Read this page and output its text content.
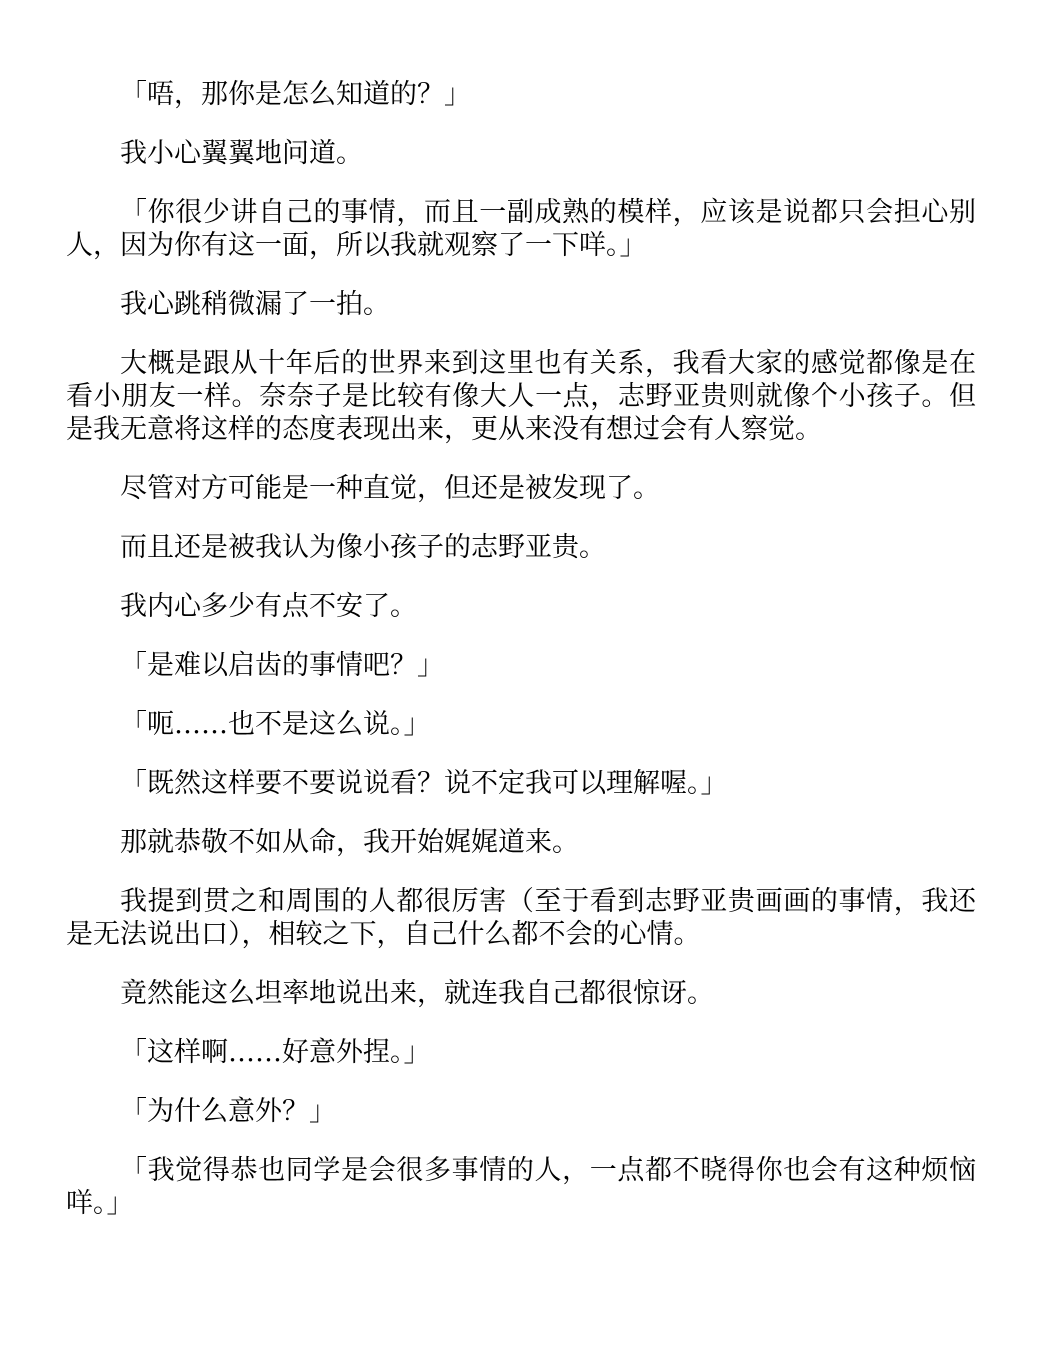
「唔，那你是怎么知道的？」

我小心翼翼地问道。

「你很少讲自己的事情，而且一副成熟的模样，应该是说都只会担心别人，因为你有这一面，所以我就观察了一下咩。」

我心跳稍微漏了一拍。

大概是跟从十年后的世界来到这里也有关系，我看大家的感觉都像是在看小朋友一样。奈奈子是比较有像大人一点，志野亚贵则就像个小孩子。但是我无意将这样的态度表现出来，更从来没有想过会有人察觉。

尽管对方可能是一种直觉，但还是被发现了。

而且还是被我认为像小孩子的志野亚贵。

我内心多少有点不安了。

「是难以启齿的事情吧？」

「呃……也不是这么说。」

「既然这样要不要说说看？说不定我可以理解喔。」

那就恭敬不如从命，我开始娓娓道来。

我提到贯之和周围的人都很厉害（至于看到志野亚贵画画的事情，我还是无法说出口），相较之下，自己什么都不会的心情。

竟然能这么坦率地说出来，就连我自己都很惊讶。

「这样啊……好意外捏。」

「为什么意外？」

「我觉得恭也同学是会很多事情的人，一点都不晓得你也会有这种烦恼咩。」
